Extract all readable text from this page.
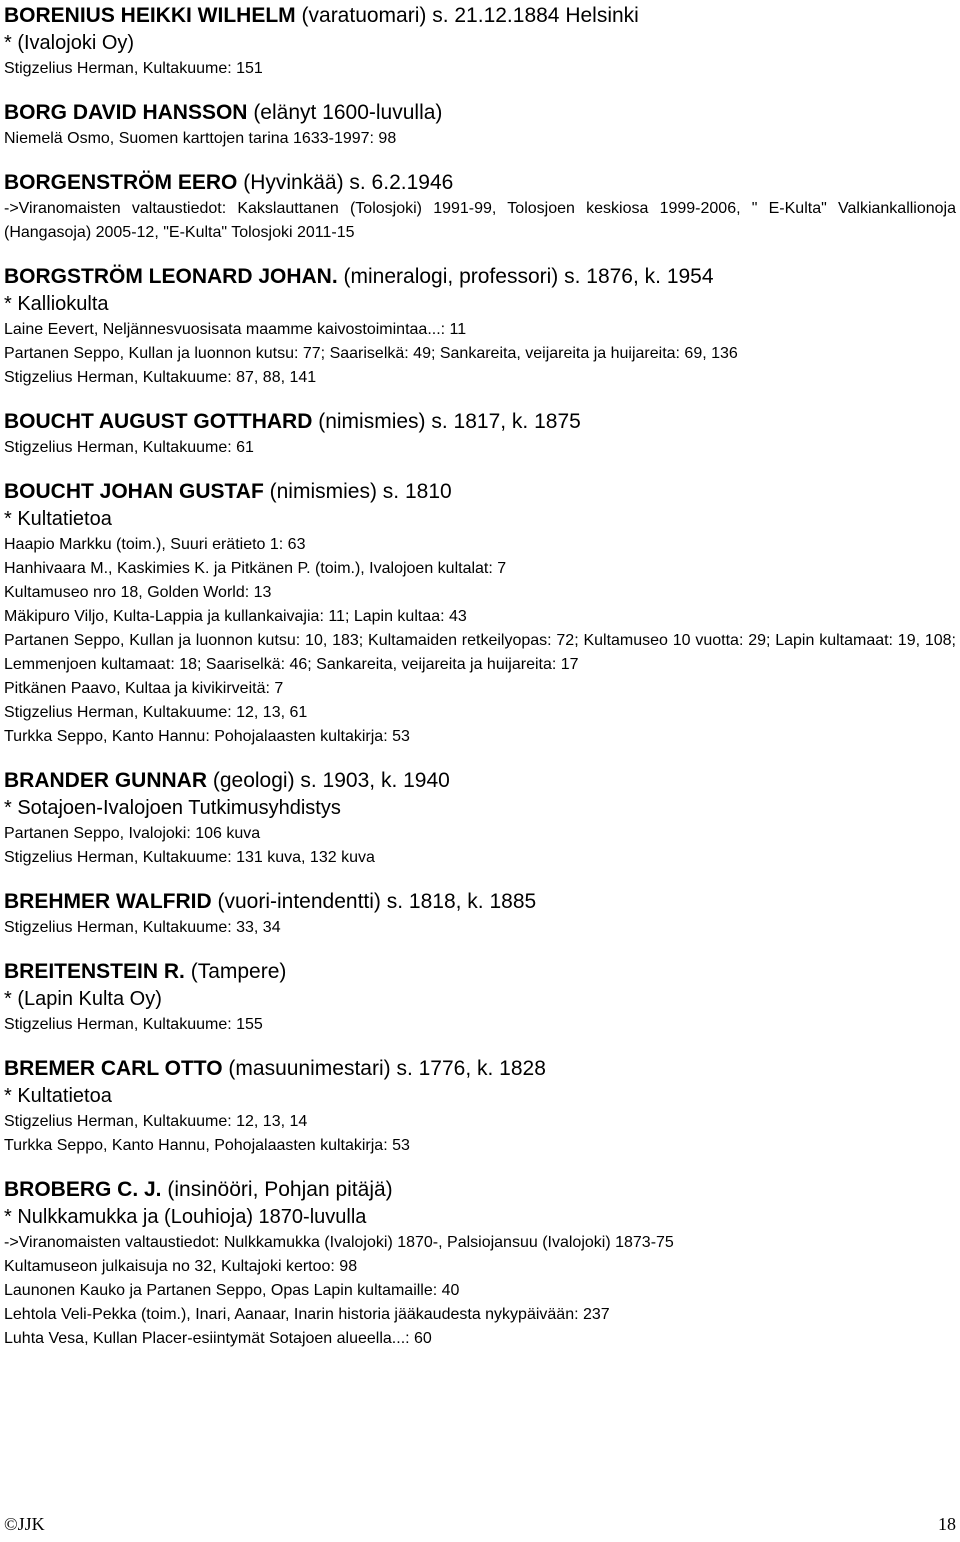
BORENIUS HEIKKI WILHELM (varatuomari) s. 21.12.1884 Helsinki
* (Ivalojoki Oy)
Stigzelius Herman, Kultakuume: 151
BORG DAVID HANSSON (elänyt 1600-luvulla)
Niemelä Osmo, Suomen karttojen tarina 1633-1997: 98
BORGENSTRÖM EERO (Hyvinkää) s. 6.2.1946
->Viranomaisten valtaustiedot: Kakslauttanen (Tolosjoki) 1991-99, Tolosjoen keskiosa 1999-2006, " E-Kulta" Valkiankallionoja (Hangasoja) 2005-12, "E-Kulta" Tolosjoki 2011-15
BORGSTRÖM LEONARD JOHAN. (mineralogi, professori) s. 1876, k. 1954
* Kalliokulta
Laine Eevert, Neljännesvuosisata maamme kaivostoimintaa...: 11
Partanen Seppo, Kullan ja luonnon kutsu: 77; Saariselkä: 49; Sankareita, veijareita ja huijareita: 69, 136
Stigzelius Herman, Kultakuume: 87, 88, 141
BOUCHT AUGUST GOTTHARD (nimismies) s. 1817, k. 1875
Stigzelius Herman, Kultakuume: 61
BOUCHT JOHAN GUSTAF (nimismies) s. 1810
* Kultatietoa
Haapio Markku (toim.), Suuri erätieto 1: 63
Hanhivaara M., Kaskimies K. ja Pitkänen P. (toim.), Ivalojoen kultalat: 7
Kultamuseo nro 18, Golden World: 13
Mäkipuro Viljo, Kulta-Lappia ja kullankaivajia: 11; Lapin kultaa: 43
Partanen Seppo, Kullan ja luonnon kutsu: 10, 183; Kultamaiden retkeilyopas: 72; Kultamuseo 10 vuotta: 29; Lapin kultamaat: 19, 108; Lemmenjoen kultamaat: 18; Saariselkä: 46; Sankareita, veijareita ja huijareita: 17
Pitkänen Paavo, Kultaa ja kivikirveitä: 7
Stigzelius Herman, Kultakuume: 12, 13, 61
Turkka Seppo, Kanto Hannu: Pohojalaasten kultakirja: 53
BRANDER GUNNAR (geologi) s. 1903, k. 1940
* Sotajoen-Ivalojoen Tutkimusyhdistys
Partanen Seppo, Ivalojoki: 106 kuva
Stigzelius Herman, Kultakuume: 131 kuva, 132 kuva
BREHMER WALFRID (vuori-intendentti) s. 1818, k. 1885
Stigzelius Herman, Kultakuume: 33, 34
BREITENSTEIN R. (Tampere)
* (Lapin Kulta Oy)
Stigzelius Herman, Kultakuume: 155
BREMER CARL OTTO (masuunimestari) s. 1776, k. 1828
* Kultatietoa
Stigzelius Herman, Kultakuume: 12, 13, 14
Turkka Seppo, Kanto Hannu, Pohojalaasten kultakirja: 53
BROBERG C. J. (insinööri, Pohjan pitäjä)
* Nulkkamukka ja (Louhioja) 1870-luvulla
->Viranomaisten valtaustiedot: Nulkkamukka (Ivalojoki) 1870-, Palsiojansuu (Ivalojoki) 1873-75
Kultamuseon julkaisuja no 32, Kultajoki kertoo: 98
Launonen Kauko ja Partanen Seppo, Opas Lapin kultamaille: 40
Lehtola Veli-Pekka (toim.), Inari, Aanaar, Inarin historia jääkaudesta nykypäivään: 237
Luhta Vesa, Kullan Placer-esiintymät Sotajoen alueella...: 60
©JJK	18
